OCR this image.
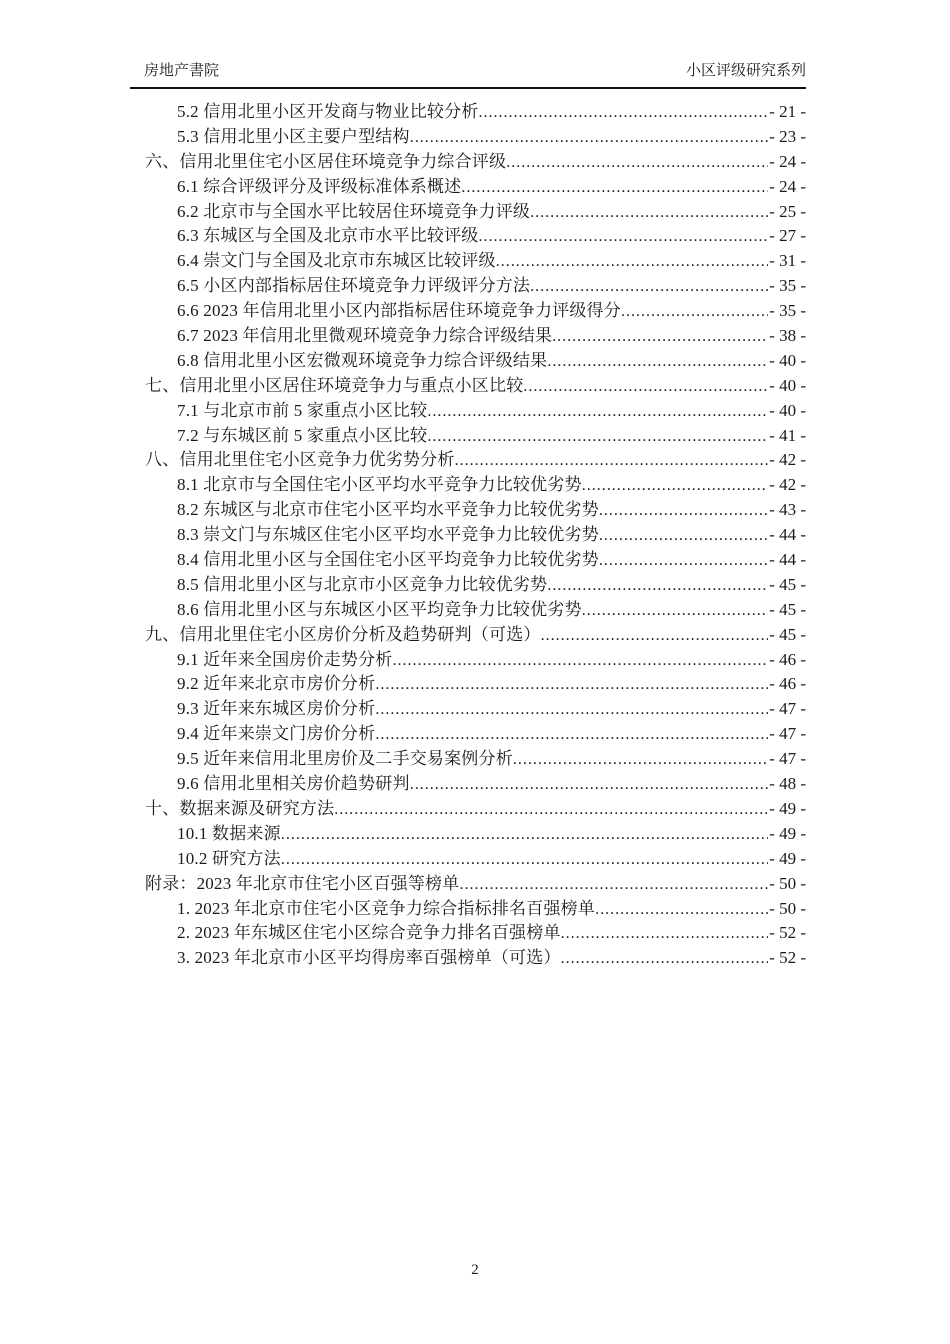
房地产書院	小区评级研究系列
5.2 信用北里小区开发商与物业比较分析 .....	- 21 -
5.3 信用北里小区主要户型结构 .....	- 23 -
六、信用北里住宅小区居住环境竞争力综合评级 .....	- 24 -
6.1 综合评级评分及评级标准体系概述 .....	- 24 -
6.2 北京市与全国水平比较居住环境竞争力评级 .....	- 25 -
6.3 东城区与全国及北京市水平比较评级 .....	- 27 -
6.4 崇文门与全国及北京市东城区比较评级 .....	- 31 -
6.5 小区内部指标居住环境竞争力评级评分方法 .....	- 35 -
6.6 2023 年信用北里小区内部指标居住环境竞争力评级得分 .....	- 35 -
6.7 2023 年信用北里微观环境竞争力综合评级结果 .....	- 38 -
6.8 信用北里小区宏微观环境竞争力综合评级结果 .....	- 40 -
七、信用北里小区居住环境竞争力与重点小区比较 .....	- 40 -
7.1 与北京市前 5 家重点小区比较 .....	- 40 -
7.2 与东城区前 5 家重点小区比较 .....	- 41 -
八、信用北里住宅小区竞争力优劣势分析 .....	- 42 -
8.1 北京市与全国住宅小区平均水平竞争力比较优劣势 .....	- 42 -
8.2 东城区与北京市住宅小区平均水平竞争力比较优劣势 .....	- 43 -
8.3 崇文门与东城区住宅小区平均水平竞争力比较优劣势 .....	- 44 -
8.4 信用北里小区与全国住宅小区平均竞争力比较优劣势 .....	- 44 -
8.5 信用北里小区与北京市小区竞争力比较优劣势 .....	- 45 -
8.6 信用北里小区与东城区小区平均竞争力比较优劣势 .....	- 45 -
九、信用北里住宅小区房价分析及趋势研判（可选） .....	- 45 -
9.1 近年来全国房价走势分析 .....	- 46 -
9.2 近年来北京市房价分析 .....	- 46 -
9.3 近年来东城区房价分析 .....	- 47 -
9.4 近年来崇文门房价分析 .....	- 47 -
9.5 近年来信用北里房价及二手交易案例分析 .....	- 47 -
9.6 信用北里相关房价趋势研判 .....	- 48 -
十、数据来源及研究方法 .....	- 49 -
10.1 数据来源 .....	- 49 -
10.2 研究方法 .....	- 49 -
附录：2023 年北京市住宅小区百强等榜单 .....	- 50 -
1. 2023 年北京市住宅小区竞争力综合指标排名百强榜单 .....	- 50 -
2. 2023 年东城区住宅小区综合竞争力排名百强榜单 .....	- 52 -
3. 2023 年北京市小区平均得房率百强榜单（可选） .....	- 52 -
2
